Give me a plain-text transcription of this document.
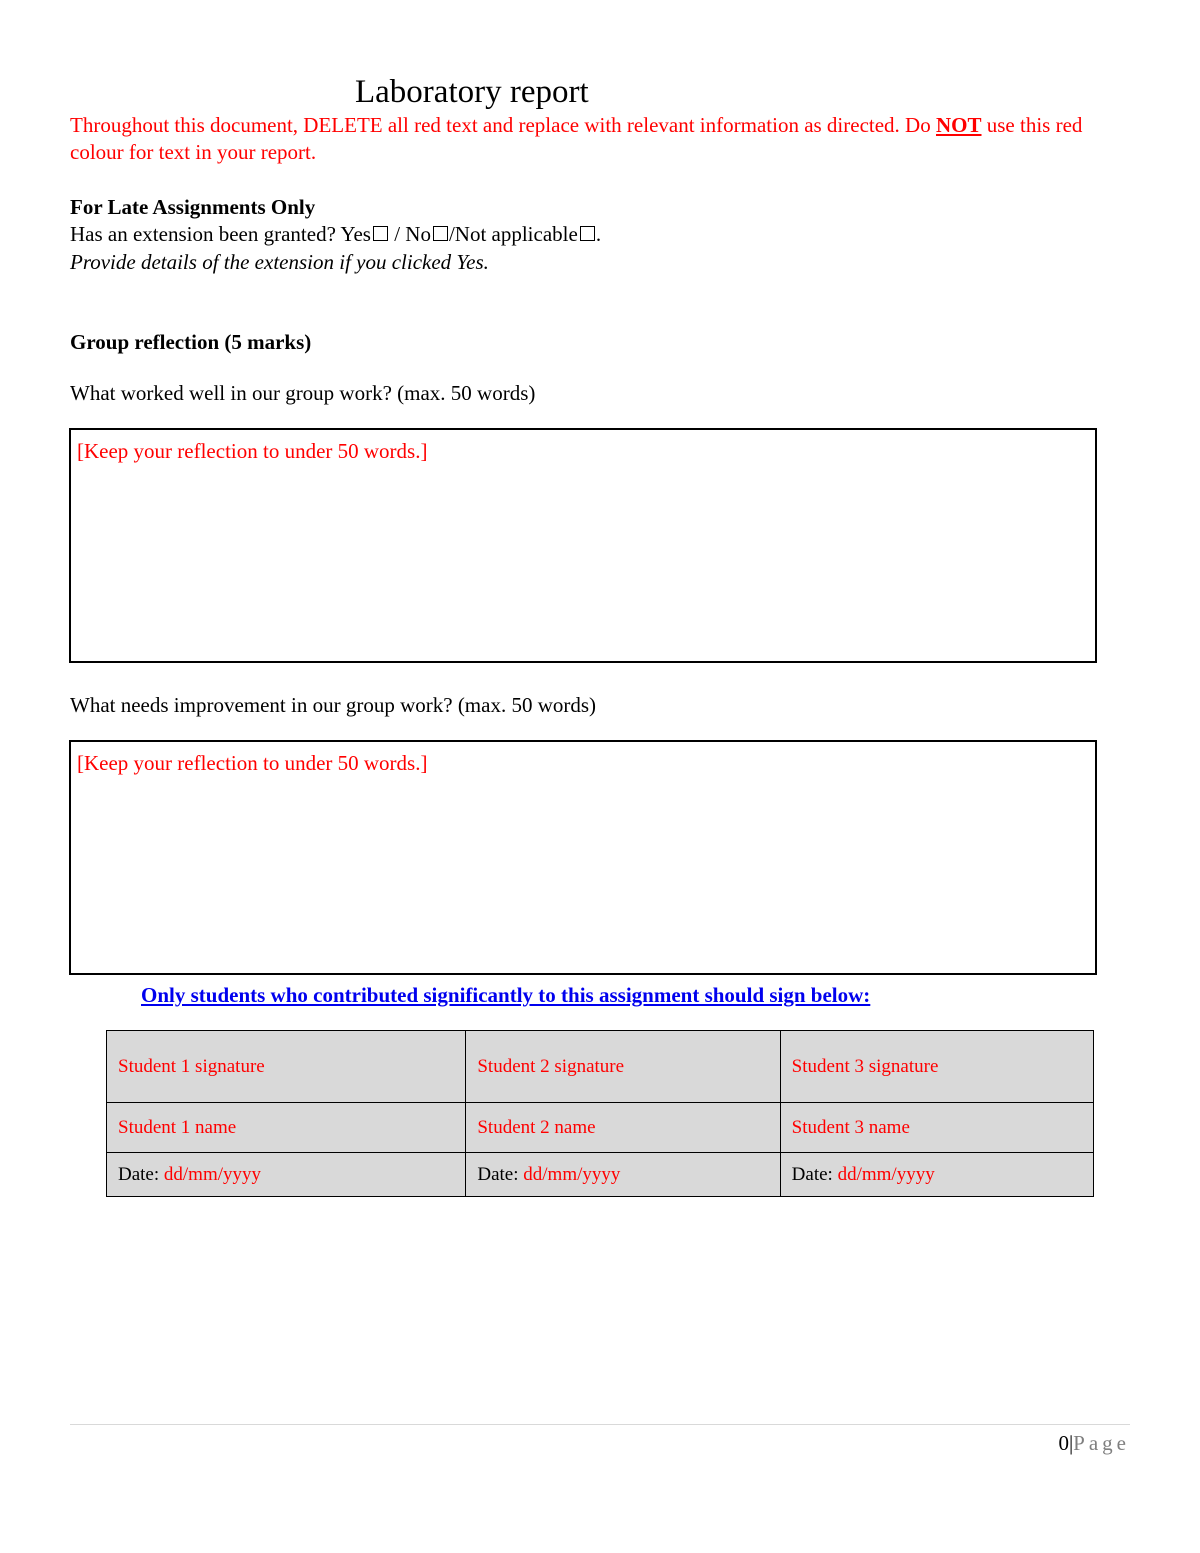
Laboratory report
Throughout this document, DELETE all red text and replace with relevant information as directed. Do NOT use this red colour for text in your report.
For Late Assignments Only
Has an extension been granted? Yes / No /Not applicable .
Provide details of the extension if you clicked Yes.
Group reflection (5 marks)
What worked well in our group work? (max. 50 words)
[Keep your reflection to under 50 words.]
What needs improvement in our group work? (max. 50 words)
[Keep your reflection to under 50 words.]
Only students who contributed significantly to this assignment should sign below:
Student 1 signature	Student 2 signature	Student 3 signature
Student 1 name	Student 2 name	Student 3 name
Date: dd/mm/yyyy	Date: dd/mm/yyyy	Date: dd/mm/yyyy
0|Page
